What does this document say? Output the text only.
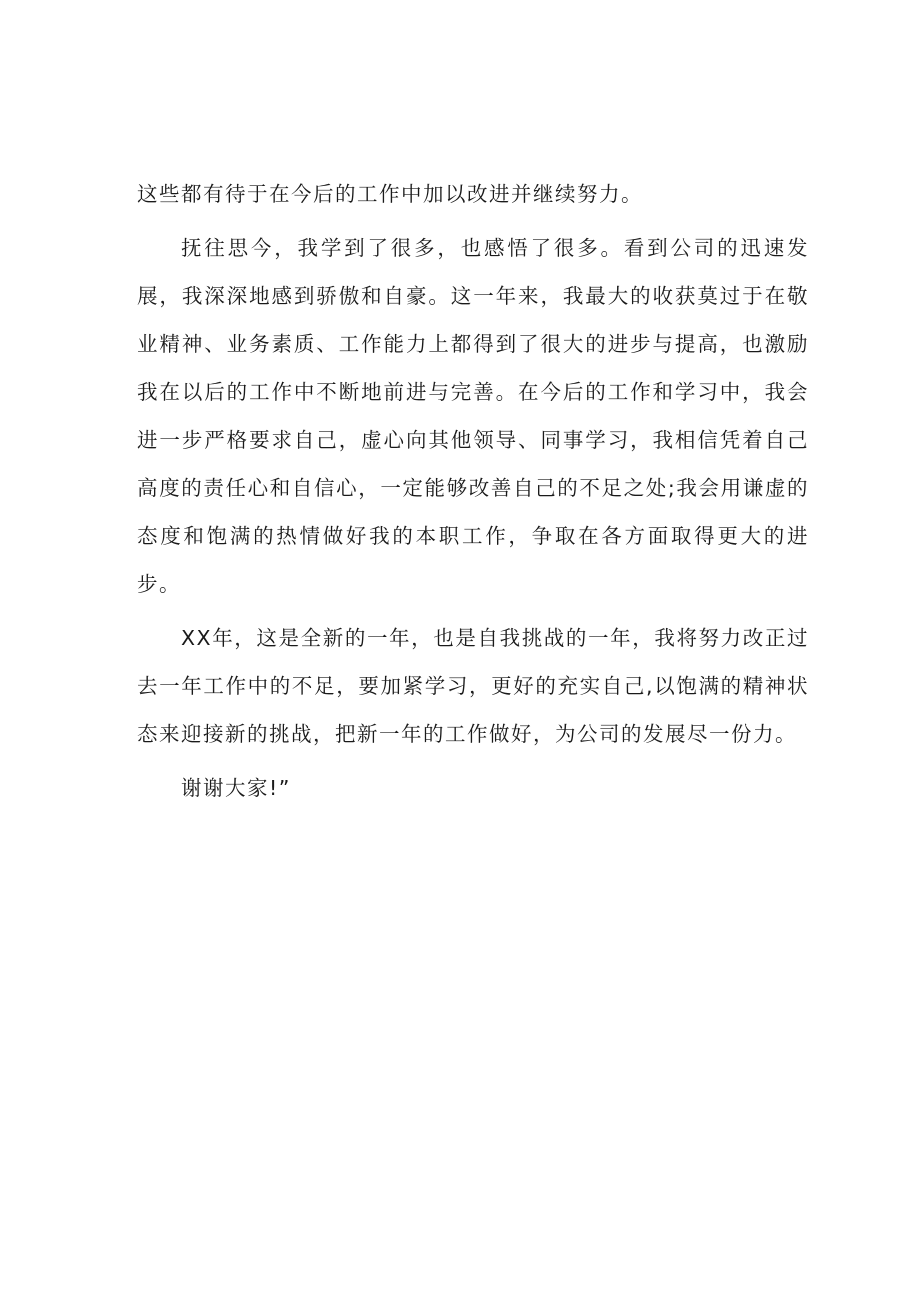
这些都有待于在今后的工作中加以改进并继续努力。

抚往思今，我学到了很多，也感悟了很多。看到公司的迅速发展，我深深地感到骄傲和自豪。这一年来，我最大的收获莫过于在敬业精神、业务素质、工作能力上都得到了很大的进步与提高，也激励我在以后的工作中不断地前进与完善。在今后的工作和学习中，我会进一步严格要求自己，虚心向其他领导、同事学习，我相信凭着自己高度的责任心和自信心，一定能够改善自己的不足之处;我会用谦虚的态度和饱满的热情做好我的本职工作，争取在各方面取得更大的进步。

XX年，这是全新的一年，也是自我挑战的一年，我将努力改正过去一年工作中的不足，要加紧学习，更好的充实自己,以饱满的精神状态来迎接新的挑战，把新一年的工作做好，为公司的发展尽一份力。

谢谢大家!”
